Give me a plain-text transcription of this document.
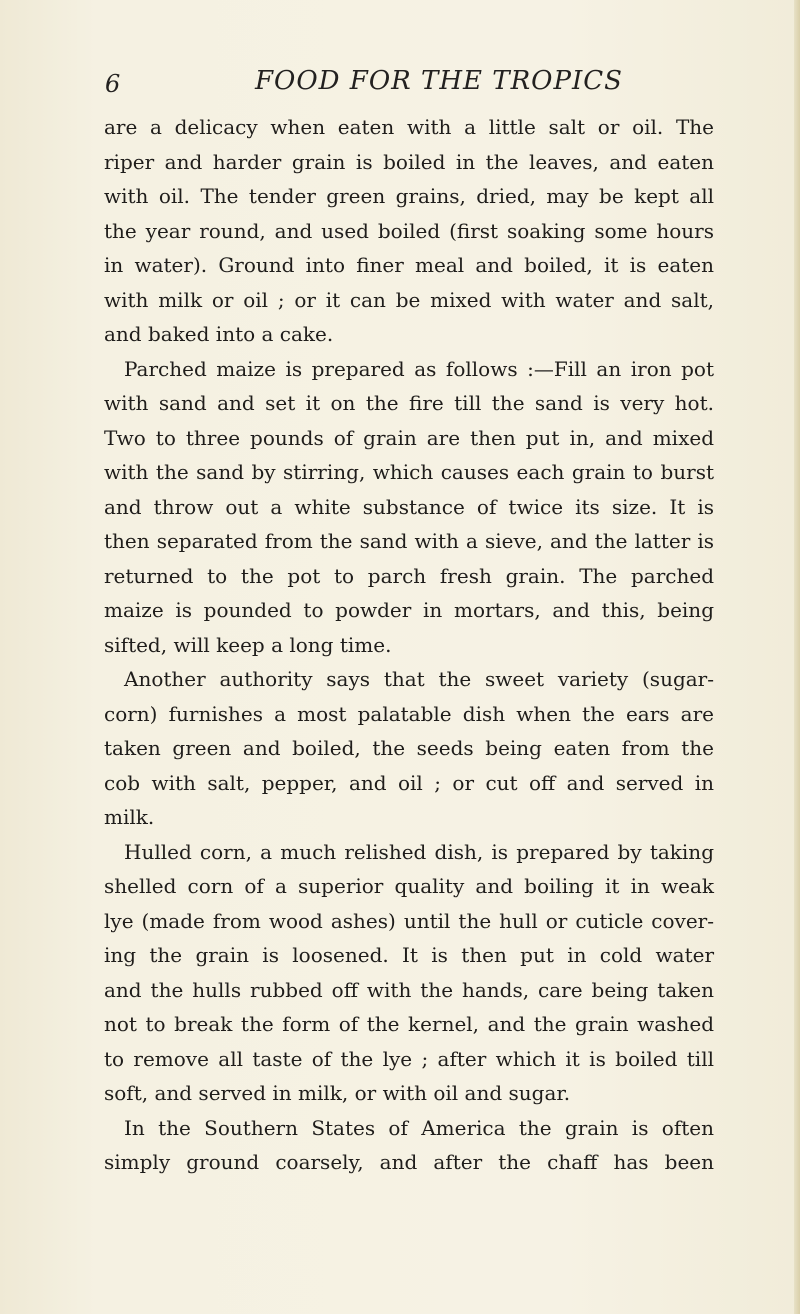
6	FOOD FOR THE TROPICS
are a delicacy when eaten with a little salt or oil. The
riper and harder grain is boiled in the leaves, and eaten
with oil. The tender green grains, dried, may be kept all
the year round, and used boiled (first soaking some hours
in water). Ground into finer meal and boiled, it is eaten
with milk or oil ; or it can be mixed with water and salt,
and baked into a cake.
Parched maize is prepared as follows :—Fill an iron pot
with sand and set it on the fire till the sand is very hot.
Two to three pounds of grain are then put in, and mixed
with the sand by stirring, which causes each grain to burst
and throw out a white substance of twice its size. It is
then separated from the sand with a sieve, and the latter is
returned to the pot to parch fresh grain. The parched
maize is pounded to powder in mortars, and this, being
sifted, will keep a long time.
Another authority says that the sweet variety (sugar-
corn) furnishes a most palatable dish when the ears are
taken green and boiled, the seeds being eaten from the
cob with salt, pepper, and oil ; or cut off and served in
milk.
Hulled corn, a much relished dish, is prepared by taking
shelled corn of a superior quality and boiling it in weak
lye (made from wood ashes) until the hull or cuticle cover-
ing the grain is loosened. It is then put in cold water
and the hulls rubbed off with the hands, care being taken
not to break the form of the kernel, and the grain washed
to remove all taste of the lye ; after which it is boiled till
soft, and served in milk, or with oil and sugar.
In the Southern States of America the grain is often
simply ground coarsely, and after the chaff has been
